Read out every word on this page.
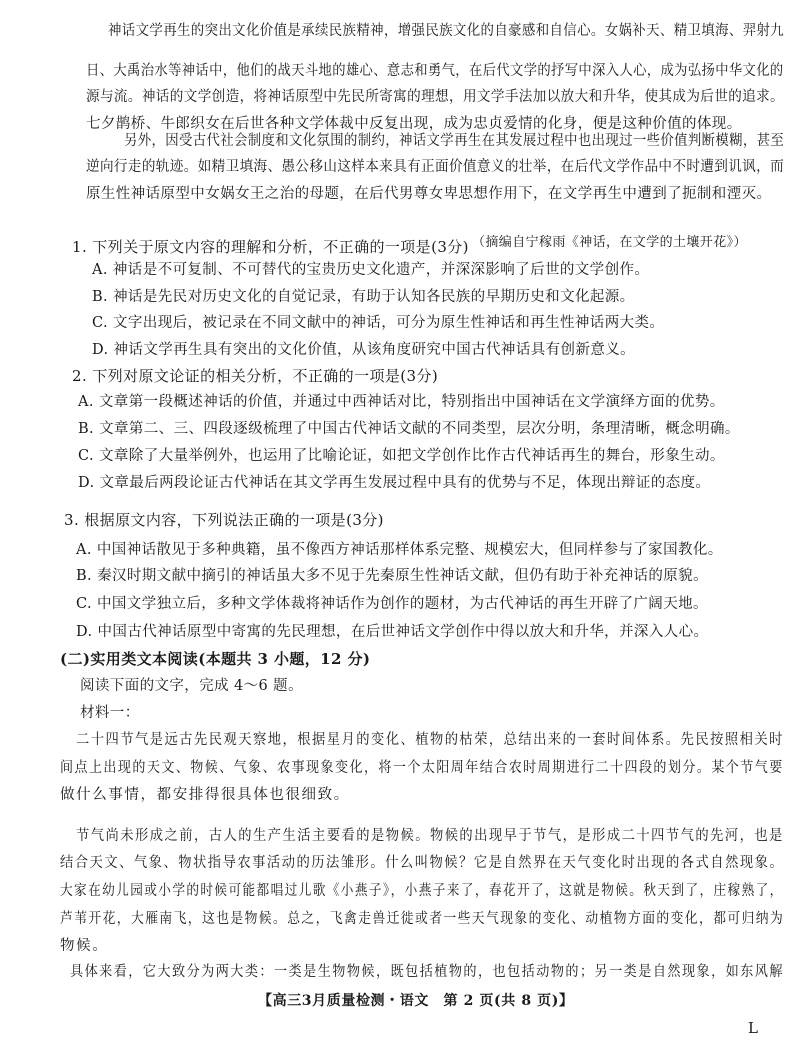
神话文学再生的突出文化价值是承续民族精神，增强民族文化的自豪感和自信心。女娲补天、精卫填海、羿射九
日、大禹治水等神话中，他们的战天斗地的雄心、意志和勇气，在后代文学的抒写中深入人心，成为弘扬中华文化的
源与流。神话的文学创造，将神话原型中先民所寄寓的理想，用文学手法加以放大和升华，使其成为后世的追求。
七夕鹊桥、牛郎织女在后世各种文学体裁中反复出现，成为忠贞爱情的化身，便是这种价值的体现。
另外，因受古代社会制度和文化氛围的制约，神话文学再生在其发展过程中也出现过一些价值判断模糊，甚至
逆向行走的轨迹。如精卫填海、愚公移山这样本来具有正面价值意义的壮举，在后代文学作品中不时遭到讥讽，而
原生性神话原型中女娲女王之治的母题，在后代男尊女卑思想作用下，在文学再生中遭到了扼制和湮灭。
（摘编自宁稼雨《神话，在文学的土壤开花》）
1. 下列关于原文内容的理解和分析，不正确的一项是(3分)
A. 神话是不可复制、不可替代的宝贵历史文化遗产，并深深影响了后世的文学创作。
B. 神话是先民对历史文化的自觉记录，有助于认知各民族的早期历史和文化起源。
C. 文字出现后，被记录在不同文献中的神话，可分为原生性神话和再生性神话两大类。
D. 神话文学再生具有突出的文化价值，从该角度研究中国古代神话具有创新意义。
2. 下列对原文论证的相关分析，不正确的一项是(3分)
A. 文章第一段概述神话的价值，并通过中西神话对比，特别指出中国神话在文学演绎方面的优势。
B. 文章第二、三、四段逐级梳理了中国古代神话文献的不同类型，层次分明，条理清晰，概念明确。
C. 文章除了大量举例外，也运用了比喻论证，如把文学创作比作古代神话再生的舞台，形象生动。
D. 文章最后两段论证古代神话在其文学再生发展过程中具有的优势与不足，体现出辩证的态度。
3. 根据原文内容，下列说法正确的一项是(3分)
A. 中国神话散见于多种典籍，虽不像西方神话那样体系完整、规模宏大，但同样参与了家国教化。
B. 秦汉时期文献中摘引的神话虽大多不见于先秦原生性神话文献，但仍有助于补充神话的原貌。
C. 中国文学独立后，多种文学体裁将神话作为创作的题材，为古代神话的再生开辟了广阔天地。
D. 中国古代神话原型中寄寓的先民理想，在后世神话文学创作中得以放大和升华，并深入人心。
(二)实用类文本阅读(本题共 3 小题，12 分)
阅读下面的文字，完成 4～6 题。
材料一：
二十四节气是远古先民观天察地，根据星月的变化、植物的枯荣，总结出来的一套时间体系。先民按照相关时
间点上出现的天文、物候、气象、农事现象变化，将一个太阳周年结合农时周期进行二十四段的划分。某个节气要
做什么事情，都安排得很具体也很细致。
节气尚未形成之前，古人的生产生活主要看的是物候。物候的出现早于节气，是形成二十四节气的先河，也是
结合天文、气象、物状指导农事活动的历法雏形。什么叫物候？它是自然界在天气变化时出现的各式自然现象。
大家在幼儿园或小学的时候可能都唱过儿歌《小燕子》，小燕子来了，春花开了，这就是物候。秋天到了，庄稼熟了，
芦苇开花，大雁南飞，这也是物候。总之，飞禽走兽迁徙或者一些天气现象的变化、动植物方面的变化，都可归纳为
物候。
具体来看，它大致分为两大类：一类是生物物候，既包括植物的，也包括动物的；另一类是自然现象，如东风解
【高三3月质量检测・语文　第 2 页(共 8 页)】
L
